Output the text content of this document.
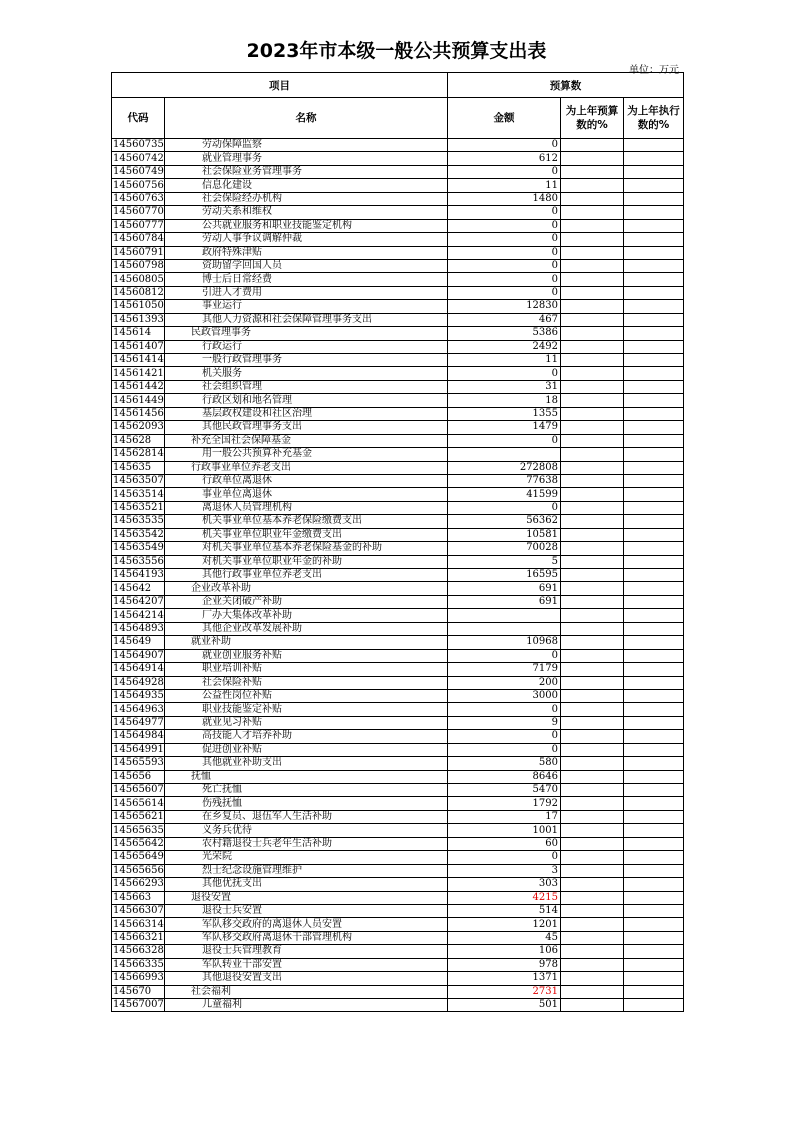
2023年市本级一般公共预算支出表
单位：万元
项目		预算数		
代码	名称	金额	为上年预算数的%	为上年执行数的%
14560735	劳动保障监察	0		
14560742	就业管理事务	612		
14560749	社会保险业务管理事务	0		
14560756	信息化建设	11		
14560763	社会保险经办机构	1480		
14560770	劳动关系和维权	0		
14560777	公共就业服务和职业技能鉴定机构	0		
14560784	劳动人事争议调解仲裁	0		
14560791	政府特殊津贴	0		
14560798	资助留学回国人员	0		
14560805	博士后日常经费	0		
14560812	引进人才费用	0		
14561050	事业运行	12830		
14561393	其他人力资源和社会保障管理事务支出	467		
145614	民政管理事务	5386		
14561407	行政运行	2492		
14561414	一般行政管理事务	11		
14561421	机关服务	0		
14561442	社会组织管理	31		
14561449	行政区划和地名管理	18		
14561456	基层政权建设和社区治理	1355		
14562093	其他民政管理事务支出	1479		
145628	补充全国社会保障基金	0		
14562814	用一般公共预算补充基金			
145635	行政事业单位养老支出	272808		
14563507	行政单位离退休	77638		
14563514	事业单位离退休	41599		
14563521	离退休人员管理机构	0		
14563535	机关事业单位基本养老保险缴费支出	56362		
14563542	机关事业单位职业年金缴费支出	10581		
14563549	对机关事业单位基本养老保险基金的补助	70028		
14563556	对机关事业单位职业年金的补助	5		
14564193	其他行政事业单位养老支出	16595		
145642	企业改革补助	691		
14564207	企业关闭破产补助	691		
14564214	厂办大集体改革补助			
14564893	其他企业改革发展补助			
145649	就业补助	10968		
14564907	就业创业服务补贴	0		
14564914	职业培训补贴	7179		
14564928	社会保险补贴	200		
14564935	公益性岗位补贴	3000		
14564963	职业技能鉴定补贴	0		
14564977	就业见习补贴	9		
14564984	高技能人才培养补助	0		
14564991	促进创业补贴	0		
14565593	其他就业补助支出	580		
145656	抚恤	8646		
14565607	死亡抚恤	5470		
14565614	伤残抚恤	1792		
14565621	在乡复员、退伍军人生活补助	17		
14565635	义务兵优待	1001		
14565642	农村籍退役士兵老年生活补助	60		
14565649	光荣院	0		
14565656	烈士纪念设施管理维护	3		
14566293	其他优抚支出	303		
145663	退役安置	4215		
14566307	退役士兵安置	514		
14566314	军队移交政府的离退休人员安置	1201		
14566321	军队移交政府离退休干部管理机构	45		
14566328	退役士兵管理教育	106		
14566335	军队转业干部安置	978		
14566993	其他退役安置支出	1371		
145670	社会福利	2731		
14567007	儿童福利	501		
